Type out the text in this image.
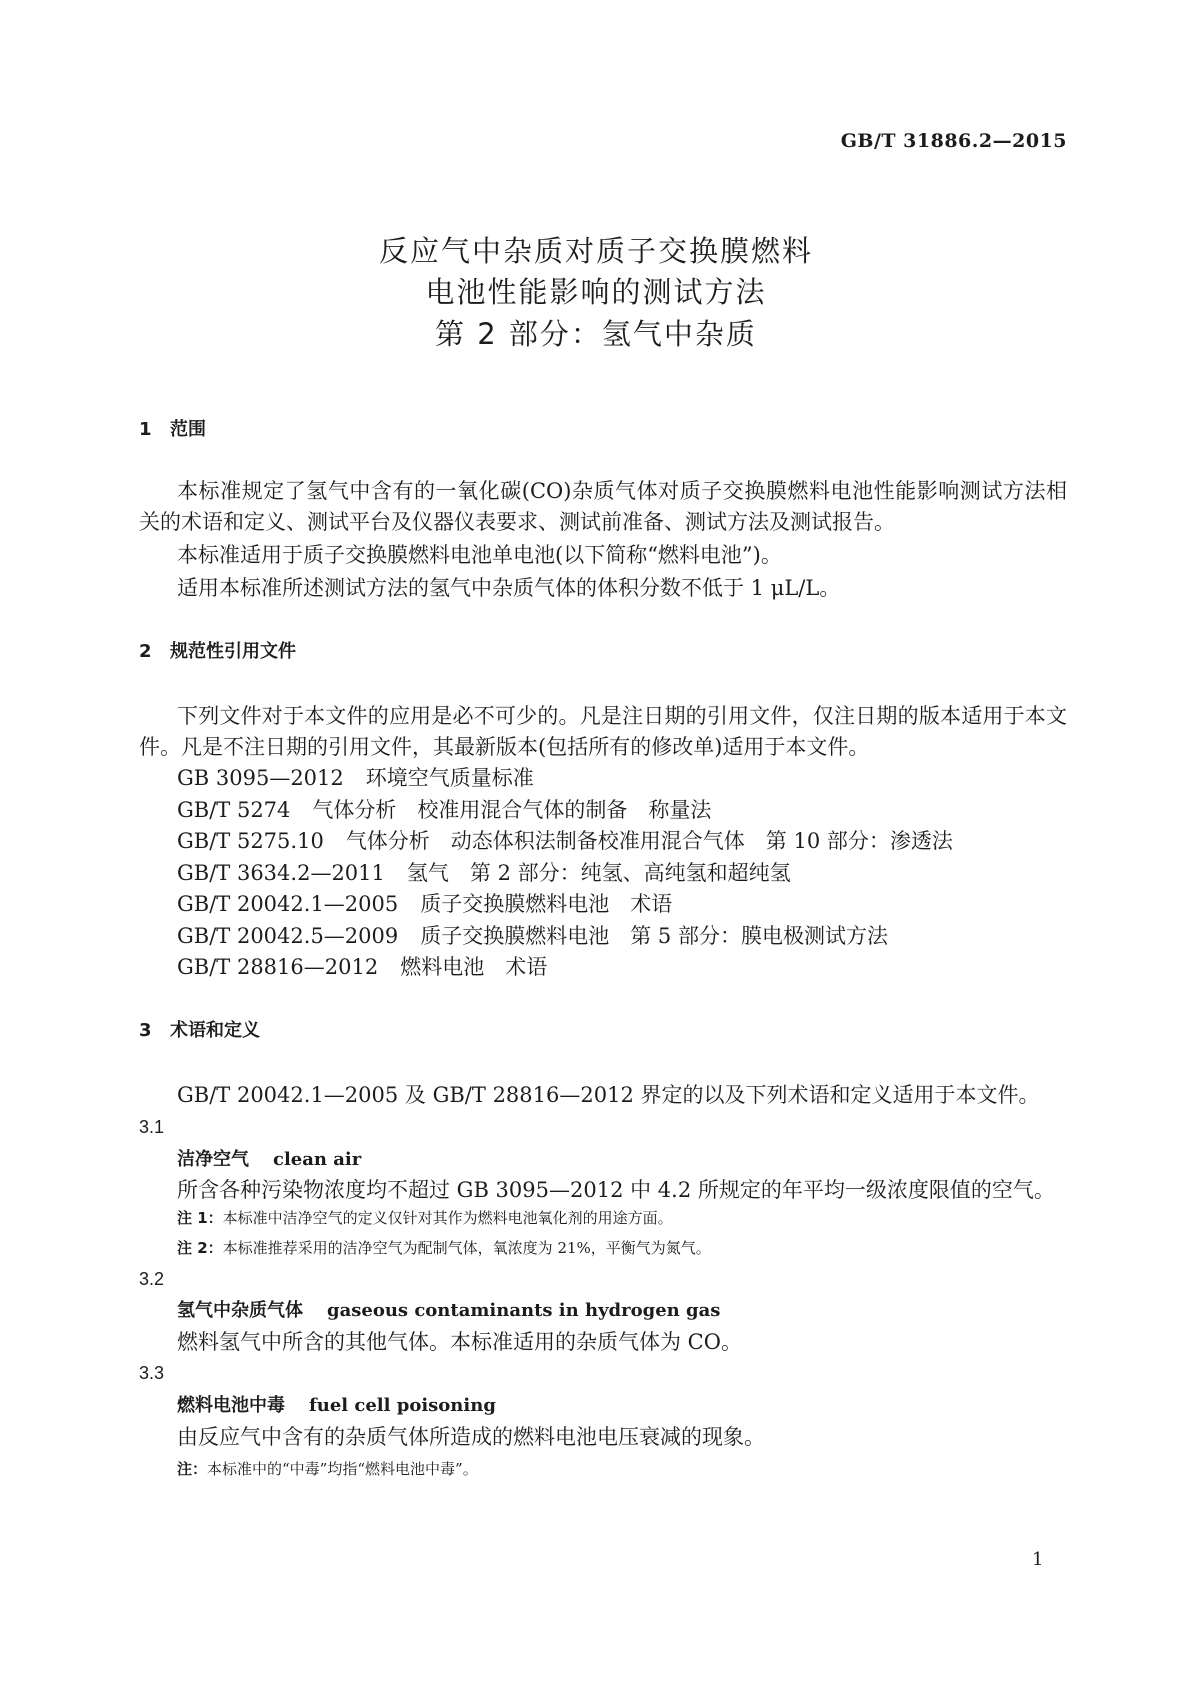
GB/T 31886.2—2015
反应气中杂质对质子交换膜燃料
电池性能影响的测试方法
第 2 部分：氢气中杂质
1 范围
本标准规定了氢气中含有的一氧化碳(CO)杂质气体对质子交换膜燃料电池性能影响测试方法相
关的术语和定义、测试平台及仪器仪表要求、测试前准备、测试方法及测试报告。
本标准适用于质子交换膜燃料电池单电池(以下简称“燃料电池”)。
适用本标准所述测试方法的氢气中杂质气体的体积分数不低于 1 μL/L。
2 规范性引用文件
下列文件对于本文件的应用是必不可少的。凡是注日期的引用文件，仅注日期的版本适用于本文
件。凡是不注日期的引用文件，其最新版本(包括所有的修改单)适用于本文件。
GB 3095—2012 环境空气质量标准
GB/T 5274 气体分析　校准用混合气体的制备　称量法
GB/T 5275.10 气体分析　动态体积法制备校准用混合气体　第 10 部分：渗透法
GB/T 3634.2—2011 氢气　第 2 部分：纯氢、高纯氢和超纯氢
GB/T 20042.1—2005 质子交换膜燃料电池　术语
GB/T 20042.5—2009 质子交换膜燃料电池　第 5 部分：膜电极测试方法
GB/T 28816—2012 燃料电池　术语
3 术语和定义
GB/T 20042.1—2005 及 GB/T 28816—2012 界定的以及下列术语和定义适用于本文件。
3.1
洁净空气 clean air
所含各种污染物浓度均不超过 GB 3095—2012 中 4.2 所规定的年平均一级浓度限值的空气。
注 1：本标准中洁净空气的定义仅针对其作为燃料电池氧化剂的用途方面。
注 2：本标准推荐采用的洁净空气为配制气体，氧浓度为 21%，平衡气为氮气。
3.2
氢气中杂质气体 gaseous contaminants in hydrogen gas
燃料氢气中所含的其他气体。本标准适用的杂质气体为 CO。
3.3
燃料电池中毒 fuel cell poisoning
由反应气中含有的杂质气体所造成的燃料电池电压衰减的现象。
注：本标准中的“中毒”均指“燃料电池中毒”。
1
